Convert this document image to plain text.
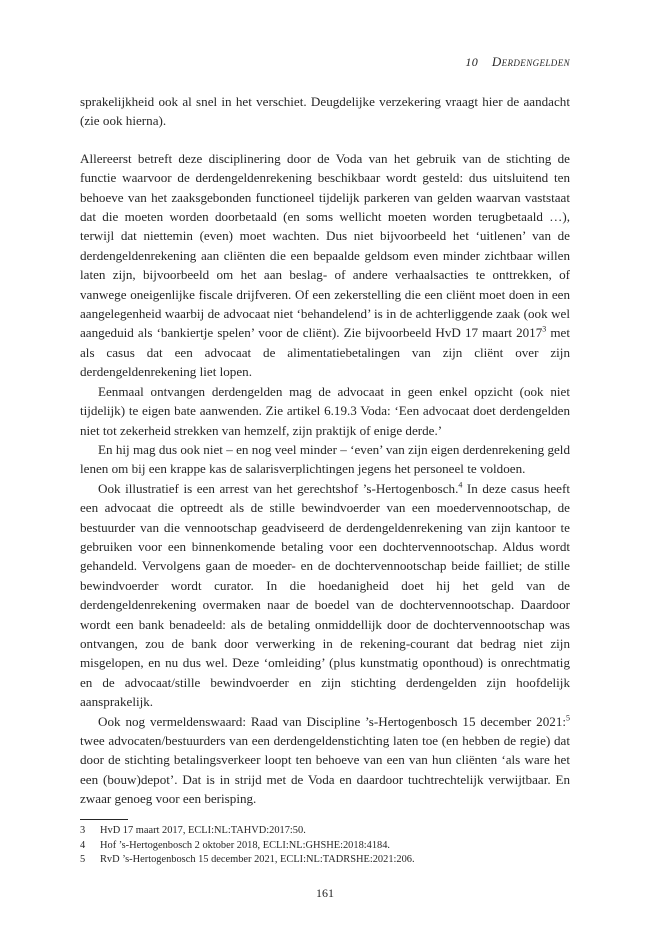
10 Derdengelden

sprakelijkheid ook al snel in het verschiet. Deugdelijke verzekering vraagt hier de aandacht (zie ook hierna).

Allereerst betreft deze disciplinering door de Voda van het gebruik van de stichting de functie waarvoor de derdengeldenrekening beschikbaar wordt gesteld: dus uitsluitend ten behoeve van het zaaksgebonden functioneel tijdelijk parkeren van gelden waarvan vaststaat dat die moeten worden doorbetaald (en soms wellicht moeten worden terugbetaald …), terwijl dat niettemin (even) moet wachten. Dus niet bijvoorbeeld het ‘uitlenen’ van de derdengeldenrekening aan cliënten die een bepaalde geldsom even minder zichtbaar willen laten zijn, bijvoorbeeld om het aan beslag- of andere verhaalsacties te onttrekken, of vanwege oneigenlijke fiscale drijfveren. Of een zekerstelling die een cliënt moet doen in een aangelegenheid waarbij de advocaat niet ‘behandelend’ is in de achterliggende zaak (ook wel aangeduid als ‘bankiertje spelen’ voor de cliënt). Zie bijvoorbeeld HvD 17 maart 2017$^3$ met als casus dat een advocaat de alimentatiebetalingen van zijn cliënt over zijn derdengeldenrekening liet lopen.

Eenmaal ontvangen derdengelden mag de advocaat in geen enkel opzicht (ook niet tijdelijk) te eigen bate aanwenden. Zie artikel 6.19.3 Voda: ‘Een advocaat doet derdengelden niet tot zekerheid strekken van hemzelf, zijn praktijk of enige derde.’

En hij mag dus ook niet – en nog veel minder – ‘even’ van zijn eigen derdenrekening geld lenen om bij een krappe kas de salarisverplichtingen jegens het personeel te voldoen.

Ook illustratief is een arrest van het gerechtshof ’s-Hertogenbosch.$^4$ In deze casus heeft een advocaat die optreedt als de stille bewindvoerder van een moedervennootschap, de bestuurder van die vennootschap geadviseerd de derdengeldenrekening van zijn kantoor te gebruiken voor een binnenkomende betaling voor een dochtervennootschap. Aldus wordt gehandeld. Vervolgens gaan de moeder- en de dochtervennootschap beide failliet; de stille bewindvoerder wordt curator. In die hoedanigheid doet hij het geld van de derdengeldenrekening overmaken naar de boedel van de dochtervennootschap. Daardoor wordt een bank benadeeld: als de betaling onmiddellijk door de dochtervennootschap was ontvangen, zou de bank door verwerking in de rekening-courant dat bedrag niet zijn misgelopen, en nu dus wel. Deze ‘omleiding’ (plus kunstmatig oponthoud) is onrechtmatig en de advocaat/stille bewindvoerder en zijn stichting derdengelden zijn hoofdelijk aansprakelijk.

Ook nog vermeldenswaard: Raad van Discipline ’s-Hertogenbosch 15 december 2021:$^5$ twee advocaten/bestuurders van een derdengeldenstichting laten toe (en hebben de regie) dat door de stichting betalingsverkeer loopt ten behoeve van een van hun cliënten ‘als ware het een (bouw)depot’. Dat is in strijd met de Voda en daardoor tuchtrechtelijk verwijtbaar. En zwaar genoeg voor een berisping.

3	HvD 17 maart 2017, ECLI:NL:TAHVD:2017:50.
4	Hof ’s-Hertogenbosch 2 oktober 2018, ECLI:NL:GHSHE:2018:4184.
5	RvD ’s-Hertogenbosch 15 december 2021, ECLI:NL:TADRSHE:2021:206.
161
